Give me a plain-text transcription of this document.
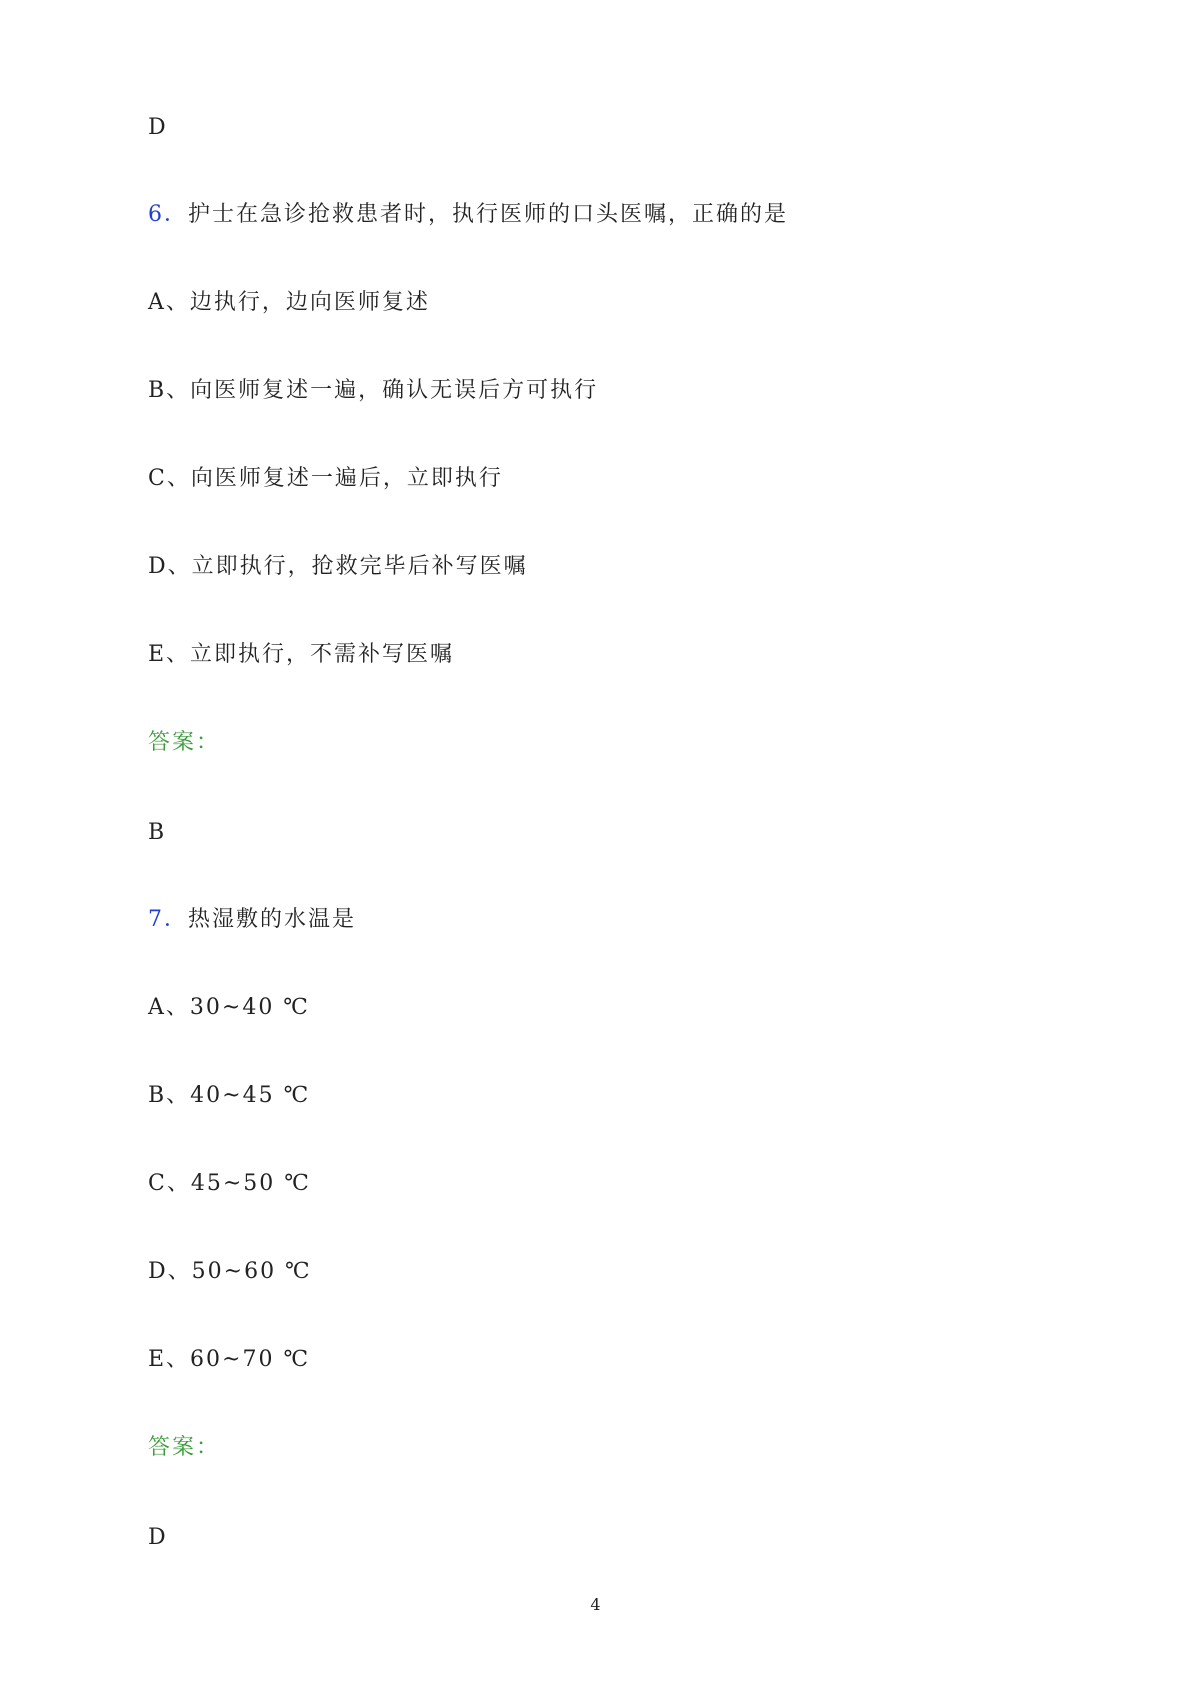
D
6．护士在急诊抢救患者时，执行医师的口头医嘱，正确的是
A、边执行，边向医师复述
B、向医师复述一遍，确认无误后方可执行
C、向医师复述一遍后，立即执行
D、立即执行，抢救完毕后补写医嘱
E、立即执行，不需补写医嘱
答案：
B
7．热湿敷的水温是
A、30~40 ℃
B、40~45 ℃
C、45~50 ℃
D、50~60 ℃
E、60~70 ℃
答案：
D
4
